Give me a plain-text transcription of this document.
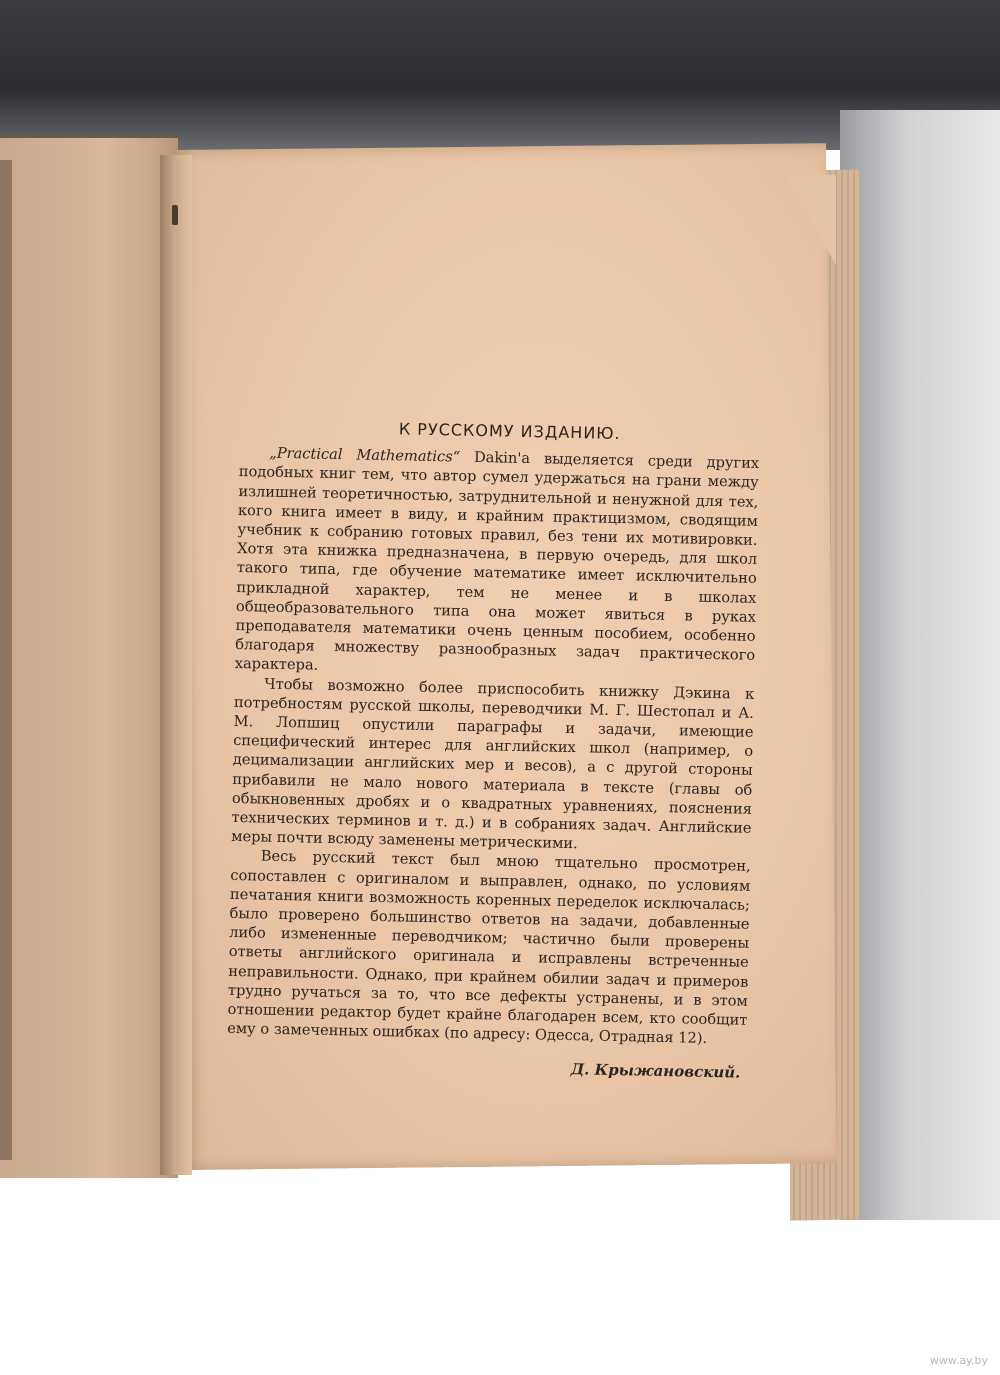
К РУССКОМУ ИЗДАНИЮ.

„Practical Mathematics“ Dakin'а выделяется среди других подобных книг тем, что автор сумел удержаться на грани между излишней теоретичностью, затруднительной и ненужной для тех, кого книга имеет в виду, и крайним практицизмом, сводящим учебник к собранию готовых правил, без тени их мотивировки. Хотя эта книжка предназначена, в первую очередь, для школ такого типа, где обучение математике имеет исключительно прикладной характер, тем не менее и в школах общеобразовательного типа она может явиться в руках преподавателя математики очень ценным пособием, особенно благодаря множеству разнообразных задач практического характера.

Чтобы возможно более приспособить книжку Дэкина к потребностям русской школы, переводчики М. Г. Шестопал и А. М. Лопшиц опустили параграфы и задачи, имеющие специфический интерес для английских школ (например, о децимализации английских мер и весов), а с другой стороны прибавили не мало нового материала в тексте (главы об обыкновенных дробях и о квадратных уравнениях, пояснения технических терминов и т. д.) и в собраниях задач. Английские меры почти всюду заменены метрическими.

Весь русский текст был мною тщательно просмотрен, сопоставлен с оригиналом и выправлен, однако, по условиям печатания книги возможность коренных переделок исключалась; было проверено большинство ответов на задачи, добавленные либо измененные переводчиком; частично были проверены ответы английского оригинала и исправлены встреченные неправильности. Однако, при крайнем обилии задач и примеров трудно ручаться за то, что все дефекты устранены, и в этом отношении редактор будет крайне благодарен всем, кто сообщит ему о замеченных ошибках (по адресу: Одесса, Отрадная 12).

Д. Крыжановский.
www.ay.by
